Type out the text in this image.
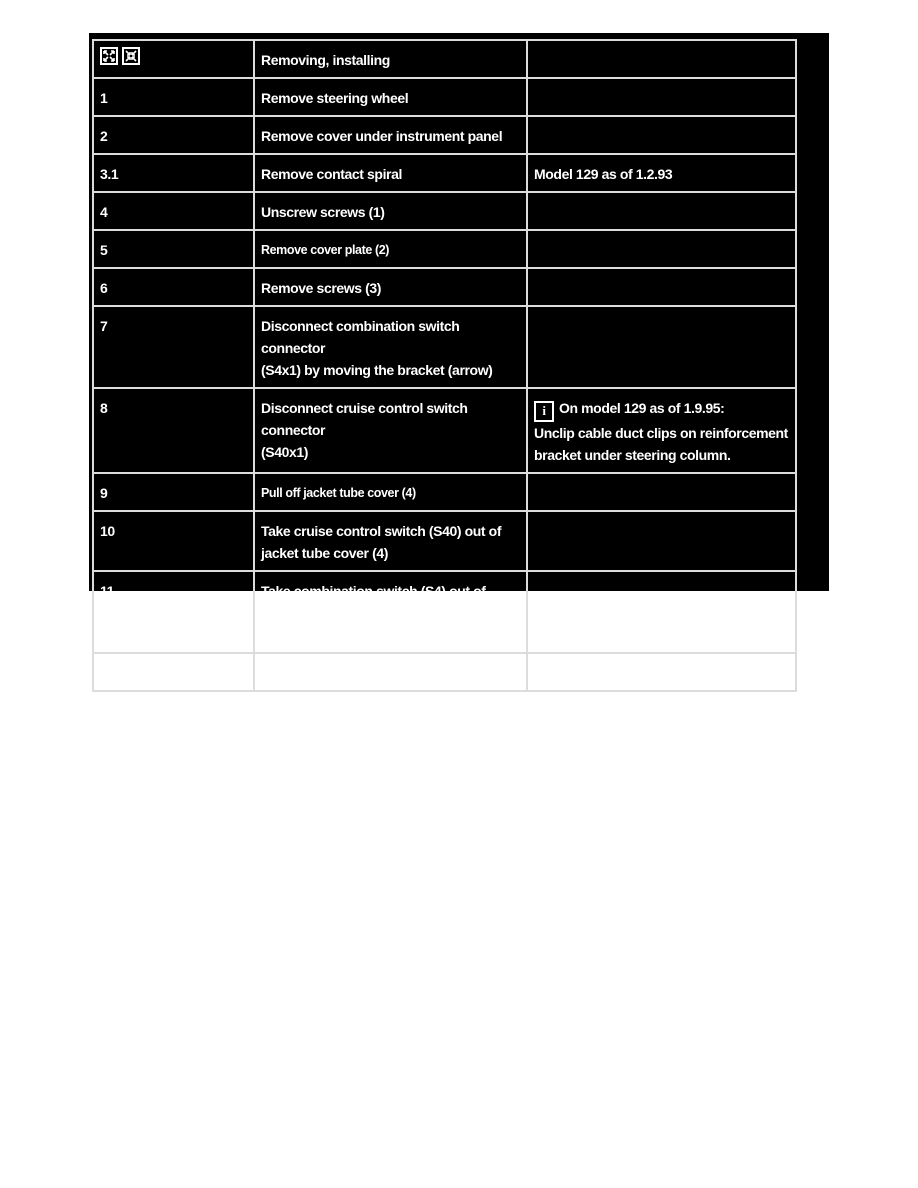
	Removing, installing	
1	Remove steering wheel	

2	Remove cover under instrument panel	

3.1	Remove contact spiral	Model 129 as of 1.2.93

4	Unscrew screws (1)	

5	Remove cover plate (2)	

6	Remove screws (3)	

7	Disconnect combination switch connector
(S4x1) by moving the bracket (arrow)	

8	Disconnect cruise control switch connector
(S40x1)	i On model 129 as of 1.9.95:
Unclip cable duct clips on reinforcement
bracket under steering column.

9	Pull off jacket tube cover (4)	

10	Take cruise control switch (S40) out of
jacket tube cover (4)	

11	Take combination switch (S4) out of jacket
tube cover (4)	

12	Install in reverse order	
